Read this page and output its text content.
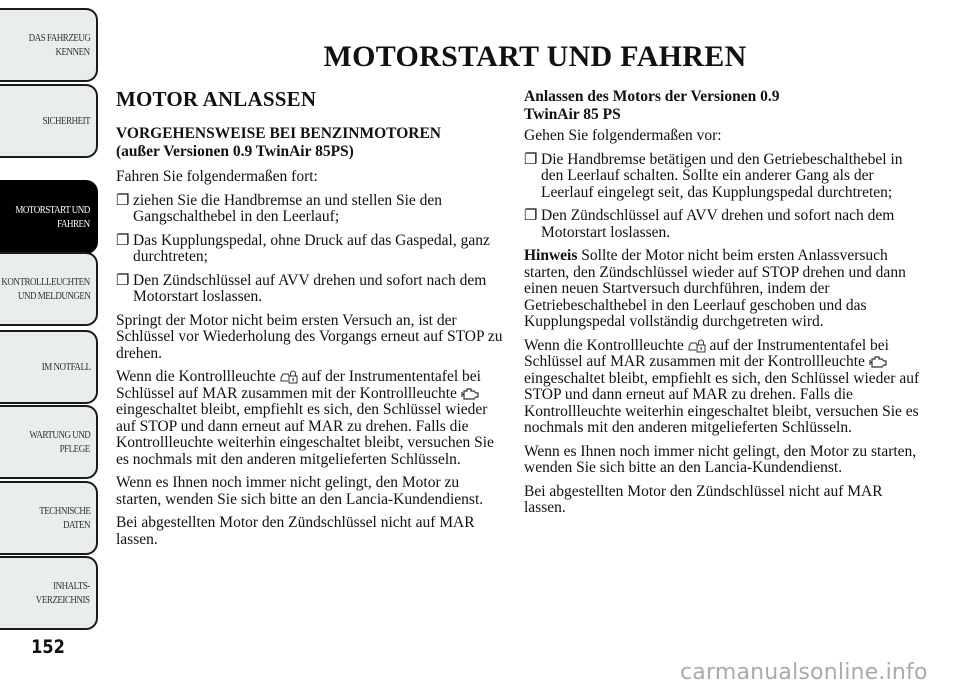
DAS FAHRZEUG
KENNEN
SICHERHEIT
MOTORSTART UND
FAHREN
KONTROLLLEUCHTEN
UND MELDUNGEN
IM NOTFALL
WARTUNG UND
PFLEGE
TECHNISCHE
DATEN
INHALTS-
VERZEICHNIS
152
MOTORSTART UND FAHREN
MOTOR ANLASSEN
VORGEHENSWEISE BEI BENZINMOTOREN
(außer Versionen 0.9 TwinAir 85PS)

Fahren Sie folgendermaßen fort:

❐ ziehen Sie die Handbremse an und stellen Sie den Gangschalthebel in den Leerlauf;
❐ Das Kupplungspedal, ohne Druck auf das Gaspedal, ganz durchtreten;
❐ Den Zündschlüssel auf AVV drehen und sofort nach dem Motorstart loslassen.

Springt der Motor nicht beim ersten Versuch an, ist der Schlüssel vor Wiederholung des Vorgangs erneut auf STOP zu drehen.

Wenn die Kontrollleuchte auf der Instrumententafel bei Schlüssel auf MAR zusammen mit der Kontrollleuchte  eingeschaltet bleibt, empfiehlt es sich, den Schlüssel wieder auf STOP und dann erneut auf MAR zu drehen. Falls die Kontrollleuchte weiterhin eingeschaltet bleibt, versuchen Sie es nochmals mit den anderen mitgelieferten Schlüsseln.

Wenn es Ihnen noch immer nicht gelingt, den Motor zu starten, wenden Sie sich bitte an den Lancia-Kundendienst.

Bei abgestellten Motor den Zündschlüssel nicht auf MAR lassen.

Anlassen des Motors der Versionen 0.9
TwinAir 85 PS

Gehen Sie folgendermaßen vor:

❐ Die Handbremse betätigen und den Getriebeschalthebel in den Leerlauf schalten. Sollte ein anderer Gang als der Leerlauf eingelegt seit, das Kupplungspedal durchtreten;
❐ Den Zündschlüssel auf AVV drehen und sofort nach dem Motorstart loslassen.

Hinweis Sollte der Motor nicht beim ersten Anlassversuch starten, den Zündschlüssel wieder auf STOP drehen und dann einen neuen Startversuch durchführen, indem der Getriebeschalthebel in den Leerlauf geschoben und das Kupplungspedal vollständig durchgetreten wird.

Wenn die Kontrollleuchte auf der Instrumententafel bei Schlüssel auf MAR zusammen mit der Kontrollleuchte  eingeschaltet bleibt, empfiehlt es sich, den Schlüssel wieder auf STOP und dann erneut auf MAR zu drehen. Falls die Kontrollleuchte weiterhin eingeschaltet bleibt, versuchen Sie es nochmals mit den anderen mitgelieferten Schlüsseln.

Wenn es Ihnen noch immer nicht gelingt, den Motor zu starten, wenden Sie sich bitte an den Lancia-Kundendienst.

Bei abgestellten Motor den Zündschlüssel nicht auf MAR lassen.

carmanualsonline.info
